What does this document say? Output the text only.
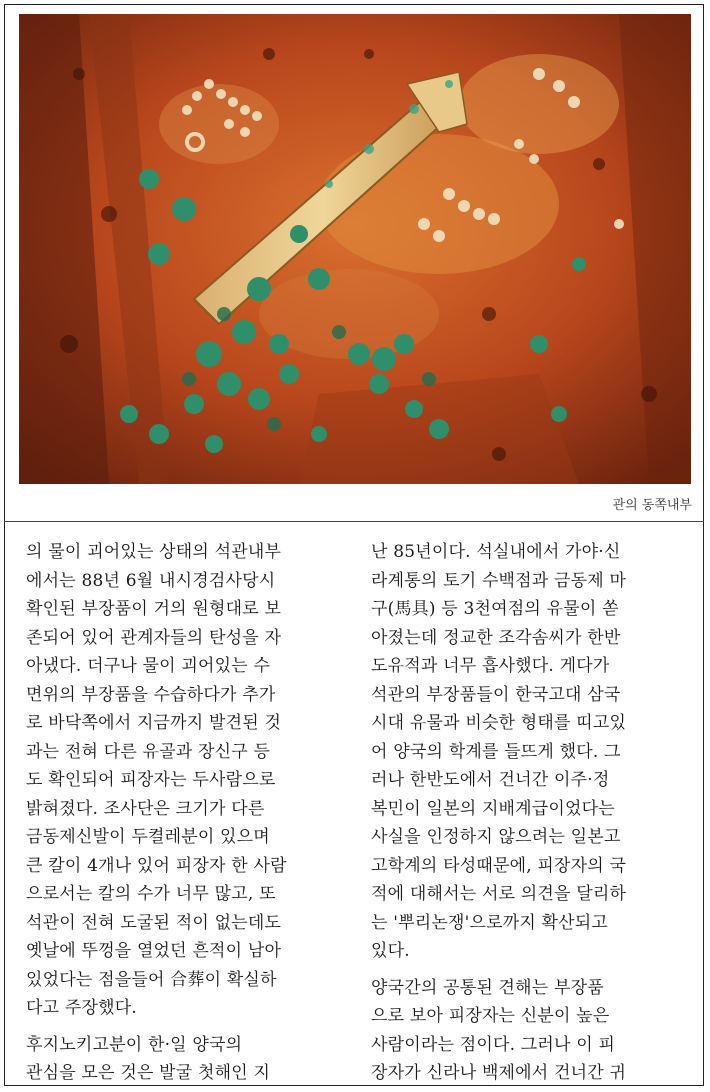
관의 동쪽내부
의 물이 괴어있는 상태의 석관내부
에서는 88년 6월 내시경검사당시
확인된 부장품이 거의 원형대로 보
존되어 있어 관계자들의 탄성을 자
아냈다. 더구나 물이 괴어있는 수
면위의 부장품을 수습하다가 추가
로 바닥쪽에서 지금까지 발견된 것
과는 전혀 다른 유골과 장신구 등
도 확인되어 피장자는 두사람으로
밝혀졌다. 조사단은 크기가 다른
금동제신발이 두켤레분이 있으며
큰 칼이 4개나 있어 피장자 한 사람
으로서는 칼의 수가 너무 많고, 또
석관이 전혀 도굴된 적이 없는데도
옛날에 뚜껑을 열었던 흔적이 남아
있었다는 점을들어 合葬이 확실하
다고 주장했다.
후지노키고분이 한·일 양국의
관심을 모은 것은 발굴 첫해인 지
난 85년이다. 석실내에서 가야·신
라계통의 토기 수백점과 금동제 마
구(馬具) 등 3천여점의 유물이 쏟
아졌는데 정교한 조각솜씨가 한반
도유적과 너무 흡사했다. 게다가
석관의 부장품들이 한국고대 삼국
시대 유물과 비슷한 형태를 띠고있
어 양국의 학계를 들뜨게 했다. 그
러나 한반도에서 건너간 이주·정
복민이 일본의 지배계급이었다는
사실을 인정하지 않으려는 일본고
고학계의 타성때문에, 피장자의 국
적에 대해서는 서로 의견을 달리하
는 '뿌리논쟁'으로까지 확산되고
있다.
양국간의 공통된 견해는 부장품
으로 보아 피장자는 신분이 높은
사람이라는 점이다. 그러나 이 피
장자가 신라나 백제에서 건너간 귀
